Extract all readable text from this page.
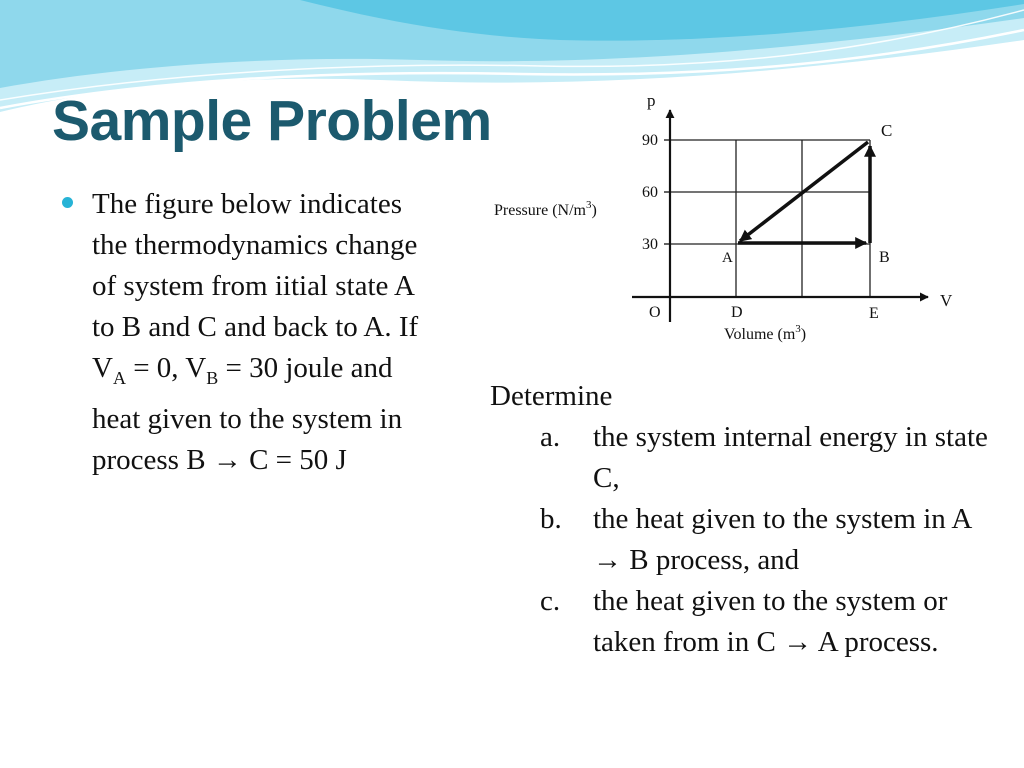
Sample Problem
The figure below indicates the thermodynamics change of system from iitial state A to B and C and back to A. If $V_A = 0$, $V_B = 30$ joule and heat given to the system in process B → C = 50 J
p
V
90
60
30
Pressure $(N/m^3)$
Volume $(m^3)$
O	D	E
A	B
C
Determine
a. the system internal energy in state C,
b. the heat given to the system in A → B process, and
c. the heat given to the system or taken from in C → A process.
